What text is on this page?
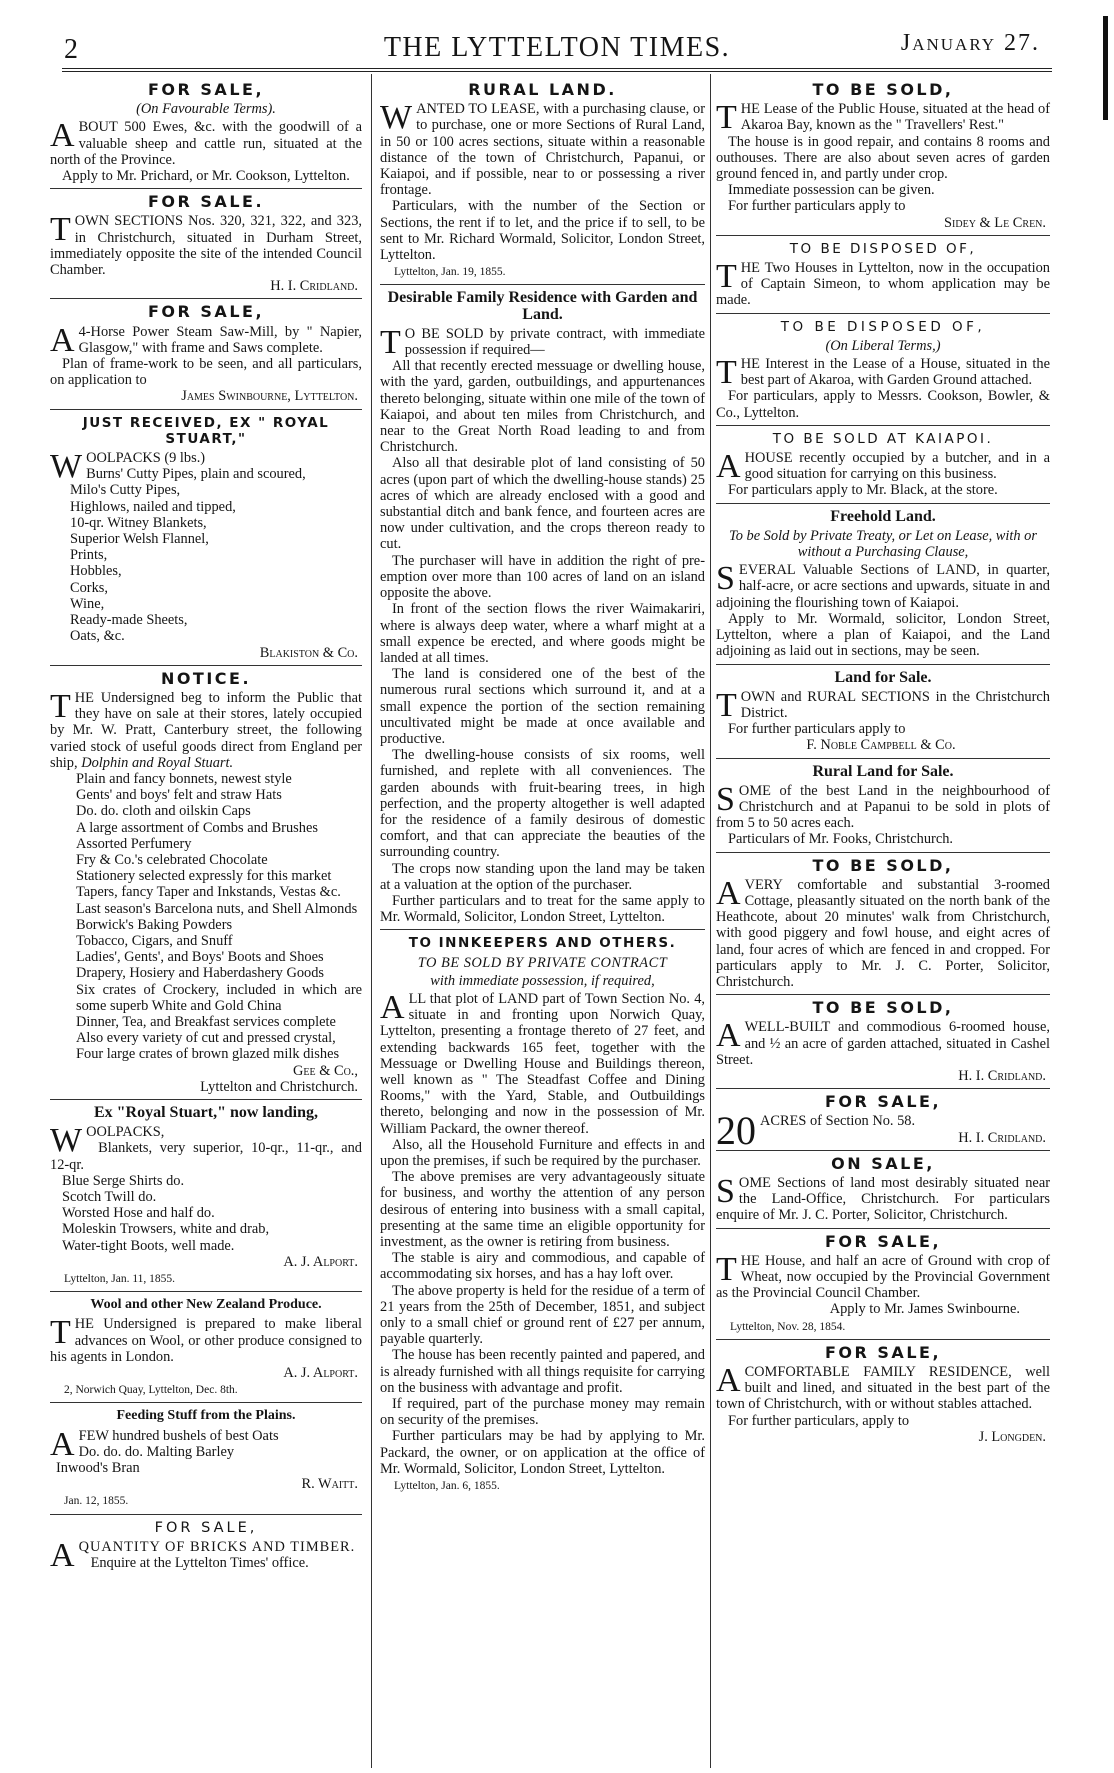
2	THE LYTTELTON TIMES.	January 27.
FOR SALE,
(On Favourable Terms).

ABOUT 500 Ewes, &c. with the goodwill of a valuable sheep and cattle run, situated at the north of the Province.

Apply to Mr. Prichard, or Mr. Cookson, Lyttelton.

FOR SALE.

TOWN SECTIONS Nos. 320, 321, 322, and 323, in Christchurch, situated in Durham Street, immediately opposite the site of the intended Council Chamber.

H. I. Cridland.
FOR SALE,

A 4-Horse Power Steam Saw-Mill, by " Napier, Glasgow," with frame and Saws complete.

Plan of frame-work to be seen, and all particulars, on application to

James Swinbourne, Lyttelton.
JUST RECEIVED, EX " ROYAL STUART,"

WOOLPACKS (9 lbs.)

Burns' Cutty Pipes, plain and scoured,
Milo's Cutty Pipes,
Highlows, nailed and tipped,
10-qr. Witney Blankets,
Superior Welsh Flannel,
Prints,
Hobbles,
Corks,
Wine,
Ready-made Sheets,
Oats, &c.
Blakiston & Co.
NOTICE.

THE Undersigned beg to inform the Public that they have on sale at their stores, lately occupied by Mr. W. Pratt, Canterbury street, the following varied stock of useful goods direct from England per ship, Dolphin and Royal Stuart.

Plain and fancy bonnets, newest style
Gents' and boys' felt and straw Hats
Do. do. cloth and oilskin Caps
A large assortment of Combs and Brushes
Assorted Perfumery
Fry & Co.'s celebrated Chocolate
Stationery selected expressly for this market
Tapers, fancy Taper and Inkstands, Vestas &c.
Last season's Barcelona nuts, and Shell Almonds
Borwick's Baking Powders
Tobacco, Cigars, and Snuff
Ladies', Gents', and Boys' Boots and Shoes
Drapery, Hosiery and Haberdashery Goods
Six crates of Crockery, included in which are some superb White and Gold China
Dinner, Tea, and Breakfast services complete
Also every variety of cut and pressed crystal,
Four large crates of brown glazed milk dishes
Gee & Co.,
Lyttelton and Christchurch.
Ex "Royal Stuart," now landing,

WOOLPACKS,

Blankets, very superior, 10-qr., 11-qr., and 12-qr.

Blue Serge Shirts do.
Scotch Twill do.
Worsted Hose and half do.
Moleskin Trowsers, white and drab,
Water-tight Boots, well made.
A. J. Alport.
Lyttelton, Jan. 11, 1855.
Wool and other New Zealand Produce.

THE Undersigned is prepared to make liberal advances on Wool, or other produce consigned to his agents in London.

A. J. Alport.
2, Norwich Quay, Lyttelton, Dec. 8th.
Feeding Stuff from the Plains.

AFEW hundred bushels of best Oats

Do. do. do. Malting Barley
Inwood's Bran
R. Waitt.
Jan. 12, 1855.
FOR SALE,

AQUANTITY OF BRICKS AND TIMBER.

Enquire at the Lyttelton Times' office.

RURAL LAND.

WANTED TO LEASE, with a purchasing clause, or to purchase, one or more Sections of Rural Land, in 50 or 100 acres sections, situate within a reasonable distance of the town of Christchurch, Papanui, or Kaiapoi, and if possible, near to or possessing a river frontage.

Particulars, with the number of the Section or Sections, the rent if to let, and the price if to sell, to be sent to Mr. Richard Wormald, Solicitor, London Street, Lyttelton.

Lyttelton, Jan. 19, 1855.
Desirable Family Residence with Garden and Land.

T O BE SOLD by private contract, with immediate possession if required—

All that recently erected messuage or dwelling house, with the yard, garden, outbuildings, and appurtenances thereto belonging, situate within one mile of the town of Kaiapoi, and about ten miles from Christchurch, and near to the Great North Road leading to and from Christchurch.

Also all that desirable plot of land consisting of 50 acres (upon part of which the dwelling-house stands) 25 acres of which are already enclosed with a good and substantial ditch and bank fence, and fourteen acres are now under cultivation, and the crops thereon ready to cut.

The purchaser will have in addition the right of pre-emption over more than 100 acres of land on an island opposite the above.

In front of the section flows the river Waimakariri, where is always deep water, where a wharf might at a small expence be erected, and where goods might be landed at all times.

The land is considered one of the best of the numerous rural sections which surround it, and at a small expence the portion of the section remaining uncultivated might be made at once available and productive.

The dwelling-house consists of six rooms, well furnished, and replete with all conveniences. The garden abounds with fruit-bearing trees, in high perfection, and the property altogether is well adapted for the residence of a family desirous of domestic comfort, and that can appreciate the beauties of the surrounding country.

The crops now standing upon the land may be taken at a valuation at the option of the purchaser.

Further particulars and to treat for the same apply to Mr. Wormald, Solicitor, London Street, Lyttelton.

TO INNKEEPERS AND OTHERS.
TO BE SOLD BY PRIVATE CONTRACT
with immediate possession, if required,

ALL that plot of LAND part of Town Section No. 4, situate in and fronting upon Norwich Quay, Lyttelton, presenting a frontage thereto of 27 feet, and extending backwards 165 feet, together with the Messuage or Dwelling House and Buildings thereon, well known as " The Steadfast Coffee and Dining Rooms," with the Yard, Stable, and Outbuildings thereto, belonging and now in the possession of Mr. William Packard, the owner thereof.

Also, all the Household Furniture and effects in and upon the premises, if such be required by the purchaser.

The above premises are very advantageously situate for business, and worthy the attention of any person desirous of entering into business with a small capital, presenting at the same time an eligible opportunity for investment, as the owner is retiring from business.

The stable is airy and commodious, and capable of accommodating six horses, and has a hay loft over.

The above property is held for the residue of a term of 21 years from the 25th of December, 1851, and subject only to a small chief or ground rent of £27 per annum, payable quarterly.

The house has been recently painted and papered, and is already furnished with all things requisite for carrying on the business with advantage and profit.

If required, part of the purchase money may remain on security of the premises.

Further particulars may be had by applying to Mr. Packard, the owner, or on application at the office of Mr. Wormald, Solicitor, London Street, Lyttelton.

Lyttelton, Jan. 6, 1855.
TO BE SOLD,

THE Lease of the Public House, situated at the head of Akaroa Bay, known as the " Travellers' Rest."

The house is in good repair, and contains 8 rooms and outhouses. There are also about seven acres of garden ground fenced in, and partly under crop.

Immediate possession can be given.

For further particulars apply to

Sidey & Le Cren.
TO BE DISPOSED OF,

THE Two Houses in Lyttelton, now in the occupation of Captain Simeon, to whom application may be made.

TO BE DISPOSED OF,
(On Liberal Terms,)

THE Interest in the Lease of a House, situated in the best part of Akaroa, with Garden Ground attached.

For particulars, apply to Messrs. Cookson, Bowler, & Co., Lyttelton.

TO BE SOLD AT KAIAPOI.

AHOUSE recently occupied by a butcher, and in a good situation for carrying on this business.

For particulars apply to Mr. Black, at the store.

Freehold Land.
To be Sold by Private Treaty, or Let on Lease, with or without a Purchasing Clause,

SEVERAL Valuable Sections of LAND, in quarter, half-acre, or acre sections and upwards, situate in and adjoining the flourishing town of Kaiapoi.

Apply to Mr. Wormald, solicitor, London Street, Lyttelton, where a plan of Kaiapoi, and the Land adjoining as laid out in sections, may be seen.

Land for Sale.

TOWN and RURAL SECTIONS in the Christchurch District.

For further particulars apply to

F. Noble Campbell & Co.
Rural Land for Sale.

SOME of the best Land in the neighbourhood of Christchurch and at Papanui to be sold in plots of from 5 to 50 acres each.

Particulars of Mr. Fooks, Christchurch.

TO BE SOLD,

AVERY comfortable and substantial 3-roomed Cottage, pleasantly situated on the north bank of the Heathcote, about 20 minutes' walk from Christchurch, with good piggery and fowl house, and eight acres of land, four acres of which are fenced in and cropped. For particulars apply to Mr. J. C. Porter, Solicitor, Christchurch.

TO BE SOLD,

AWELL-BUILT and commodious 6-roomed house, and ½ an acre of garden attached, situated in Cashel Street.

H. I. Cridland.
FOR SALE,

20 ACRES of Section No. 58.

H. I. Cridland.
ON SALE,

SOME Sections of land most desirably situated near the Land-Office, Christchurch. For particulars enquire of Mr. J. C. Porter, Solicitor, Christchurch.

FOR SALE,

THE House, and half an acre of Ground with crop of Wheat, now occupied by the Provincial Government as the Provincial Council Chamber.

Apply to Mr. James Swinbourne.
Lyttelton, Nov. 28, 1854.
FOR SALE,

ACOMFORTABLE FAMILY RESIDENCE, well built and lined, and situated in the best part of the town of Christchurch, with or without stables attached.

For further particulars, apply to

J. Longden.
